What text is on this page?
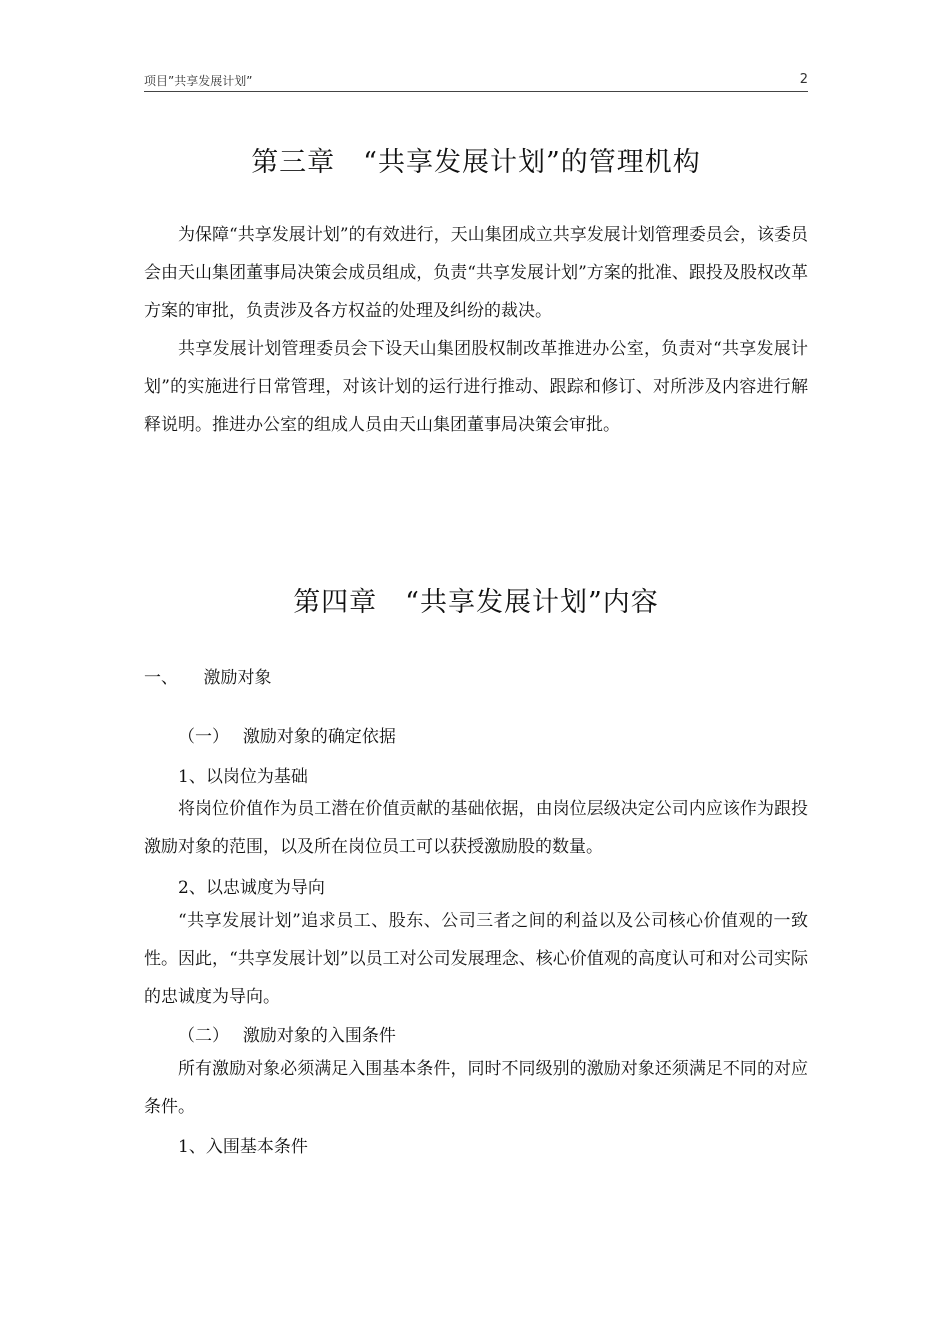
项目”共享发展计划”	2
第三章　“共享发展计划”的管理机构

为保障“共享发展计划”的有效进行，天山集团成立共享发展计划管理委员会，该委员会由天山集团董事局决策会成员组成，负责“共享发展计划”方案的批准、跟投及股权改革方案的审批，负责涉及各方权益的处理及纠纷的裁决。

共享发展计划管理委员会下设天山集团股权制改革推进办公室，负责对“共享发展计划”的实施进行日常管理，对该计划的运行进行推动、跟踪和修订、对所涉及内容进行解释说明。推进办公室的组成人员由天山集团董事局决策会审批。

第四章　“共享发展计划”内容

一、　　激励对象

（一）　 激励对象的确定依据

1、以岗位为基础

将岗位价值作为员工潜在价值贡献的基础依据，由岗位层级决定公司内应该作为跟投激励对象的范围，以及所在岗位员工可以获授激励股的数量。

2、以忠诚度为导向

“共享发展计划”追求员工、股东、公司三者之间的利益以及公司核心价值观的一致性。因此，“共享发展计划”以员工对公司发展理念、核心价值观的高度认可和对公司实际的忠诚度为导向。

（二）　 激励对象的入围条件

所有激励对象必须满足入围基本条件，同时不同级别的激励对象还须满足不同的对应条件。

1、入围基本条件
